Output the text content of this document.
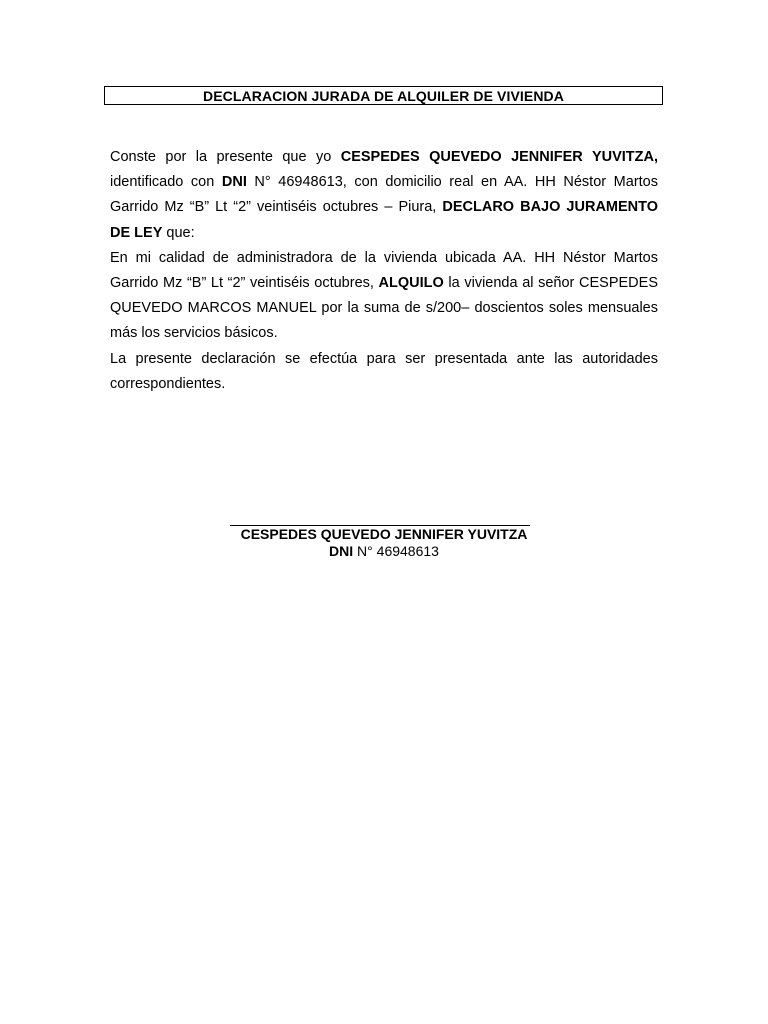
DECLARACION JURADA DE ALQUILER DE VIVIENDA

Conste por la presente que yo CESPEDES QUEVEDO JENNIFER YUVITZA, identificado con DNI N° 46948613, con domicilio real en AA. HH Néstor Martos Garrido Mz “B” Lt “2” veintiséis octubres – Piura, DECLARO BAJO JURAMENTO DE LEY que:

En mi calidad de administradora de la vivienda ubicada AA. HH Néstor Martos Garrido Mz “B” Lt “2” veintiséis octubres, ALQUILO la vivienda al señor CESPEDES QUEVEDO MARCOS MANUEL por la suma de s/200– doscientos soles mensuales más los servicios básicos.

La presente declaración se efectúa para ser presentada ante las autoridades correspondientes.

CESPEDES QUEVEDO JENNIFER YUVITZA
DNI N° 46948613
